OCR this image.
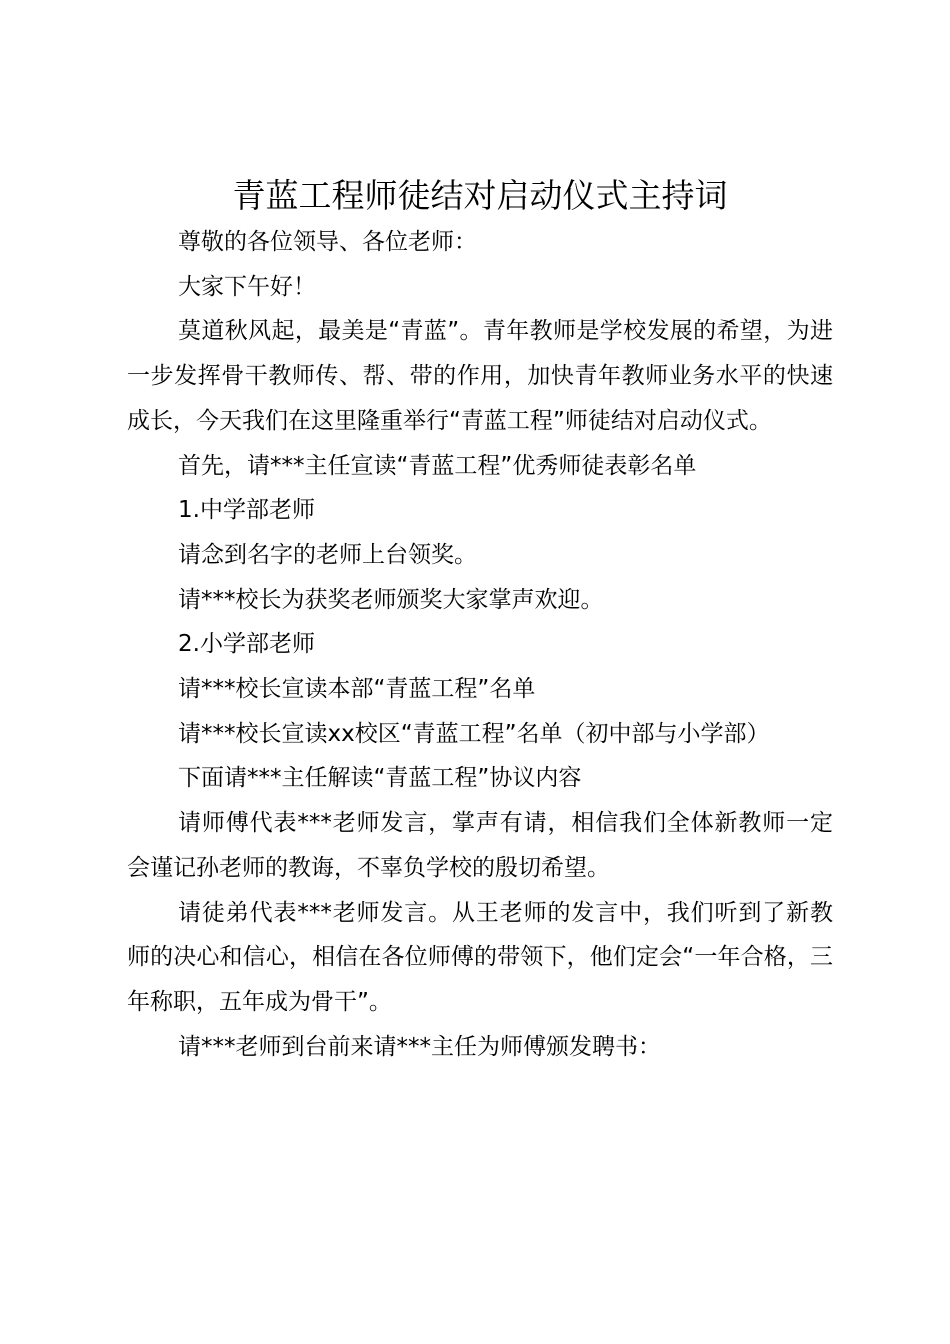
青蓝工程师徒结对启动仪式主持词

尊敬的各位领导、各位老师：

大家下午好！

莫道秋风起，最美是“青蓝”。青年教师是学校发展的希望，为进一步发挥骨干教师传、帮、带的作用，加快青年教师业务水平的快速成长，今天我们在这里隆重举行“青蓝工程”师徒结对启动仪式。

首先，请***主任宣读“青蓝工程”优秀师徒表彰名单

1.中学部老师

请念到名字的老师上台领奖。

请***校长为获奖老师颁奖大家掌声欢迎。

2.小学部老师

请***校长宣读本部“青蓝工程”名单

请***校长宣读xx校区“青蓝工程”名单（初中部与小学部）

下面请***主任解读“青蓝工程”协议内容

请师傅代表***老师发言，掌声有请，相信我们全体新教师一定会谨记孙老师的教诲，不辜负学校的殷切希望。

请徒弟代表***老师发言。从王老师的发言中，我们听到了新教师的决心和信心，相信在各位师傅的带领下，他们定会“一年合格，三年称职，五年成为骨干”。

请***老师到台前来请***主任为师傅颁发聘书：
